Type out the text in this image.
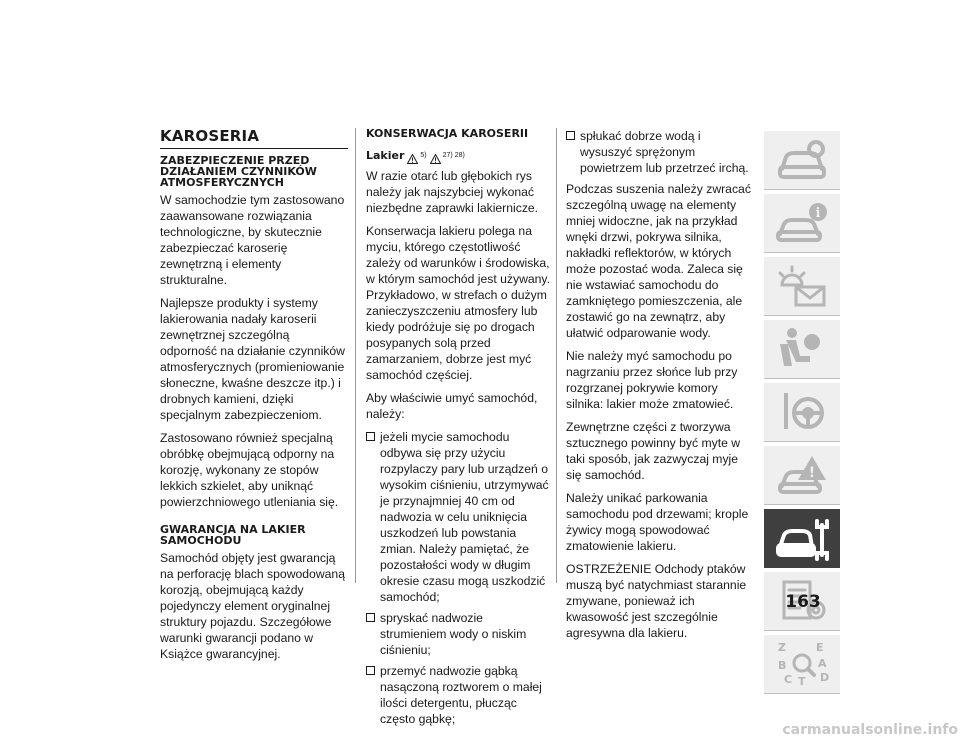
KAROSERIA
ZABEZPIECZENIE PRZED DZIAŁANIEM CZYNNIKÓW ATMOSFERYCZNYCH

W samochodzie tym zastosowano zaawansowane rozwiązania technologiczne, by skutecznie zabezpieczać karoserię zewnętrzną i elementy strukturalne.

Najlepsze produkty i systemy lakierowania nadały karoserii zewnętrznej szczególną odporność na działanie czynników atmosferycznych (promieniowanie słoneczne, kwaśne deszcze itp.) i drobnych kamieni, dzięki specjalnym zabezpieczeniom.

Zastosowano również specjalną obróbkę obejmującą odporny na korozję, wykonany ze stopów lekkich szkielet, aby uniknąć powierzchniowego utleniania się.

GWARANCJA NA LAKIER SAMOCHODU

Samochód objęty jest gwarancją na perforację blach spowodowaną korozją, obejmującą każdy pojedynczy element oryginalnej struktury pojazdu. Szczegółowe warunki gwarancji podano w Książce gwarancyjnej.

KONSERWACJA KAROSERII
Lakier 5) 27) 28)

W razie otarć lub głębokich rys należy jak najszybciej wykonać niezbędne zaprawki lakiernicze.

Konserwacja lakieru polega na myciu, którego częstotliwość zależy od warunków i środowiska, w którym samochód jest używany. Przykładowo, w strefach o dużym zanieczyszczeniu atmosfery lub kiedy podróżuje się po drogach posypanych solą przed zamarzaniem, dobrze jest myć samochód częściej.

Aby właściwie umyć samochód, należy:

jeżeli mycie samochodu odbywa się przy użyciu rozpylaczy pary lub urządzeń o wysokim ciśnieniu, utrzymywać je przynajmniej 40 cm od nadwozia w celu uniknięcia uszkodzeń lub powstania zmian. Należy pamiętać, że pozostałości wody w długim okresie czasu mogą uszkodzić samochód;
spryskać nadwozie strumieniem wody o niskim ciśnieniu;
przemyć nadwozie gąbką nasączoną roztworem o małej ilości detergentu, płucząc często gąbkę;
spłukać dobrze wodą i wysuszyć sprężonym powietrzem lub przetrzeć irchą.

Podczas suszenia należy zwracać szczególną uwagę na elementy mniej widoczne, jak na przykład wnęki drzwi, pokrywa silnika, nakładki reflektorów, w których może pozostać woda. Zaleca się nie wstawiać samochodu do zamkniętego pomieszczenia, ale zostawić go na zewnątrz, aby ułatwić odparowanie wody.

Nie należy myć samochodu po nagrzaniu przez słońce lub przy rozgrzanej pokrywie komory silnika: lakier może zmatowieć.

Zewnętrzne części z tworzywa sztucznego powinny być myte w taki sposób, jak zazwyczaj myje się samochód.

Należy unikać parkowania samochodu pod drzewami; krople żywicy mogą spowodować zmatowienie lakieru.

OSTRZEŻENIE Odchody ptaków muszą być natychmiast starannie zmywane, ponieważ ich kwasowość jest szczególnie agresywna dla lakieru.

i
!
Z	E
B	A
C T D
163
carmanualsonline.info
